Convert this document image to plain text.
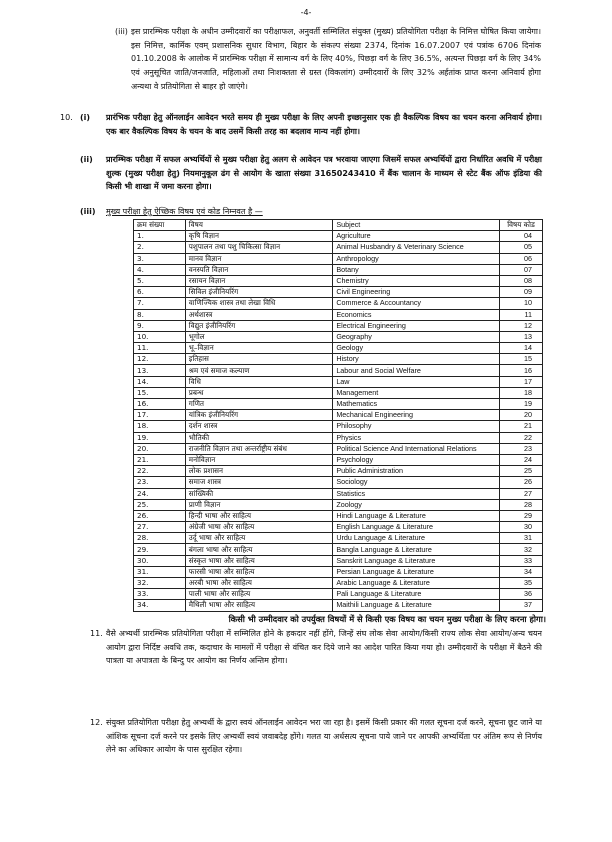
-4-
(iii) इस प्रारम्भिक परीक्षा के अधीन उम्मीदवारों का परीक्षाफल, अनुवर्ती सम्मिलित संयुक्त (मुख्य) प्रतियोगिता परीक्षा के निमित्त घोषित किया जायेगा। इस निमित्त, कार्मिक एवम् प्रशासनिक सुधार विभाग, बिहार के संकल्प संख्या 2374, दिनांक 16.07.2007 एवं पत्रांक 6706 दिनांक 01.10.2008 के आलोक में प्रारम्भिक परीक्षा में सामान्य वर्ग के लिए 40%, पिछड़ा वर्ग के लिए 36.5%, अत्यन्त पिछड़ा वर्ग के लिए 34% एवं अनुसूचित जाति/जनजाति, महिलाओं तथा निःशक्तता से ग्रस्त (विकलांग) उम्मीदवारों के लिए 32% अर्हतांक प्राप्त करना अनिवार्य होगा अन्यथा वे प्रतियोगिता से बाहर हो जाएंगे।
10. (i) प्रारंभिक परीक्षा हेतु ऑनलाईन आवेदन भरते समय ही मुख्य परीक्षा के लिए अपनी इच्छानुसार एक ही वैकल्पिक विषय का चयन करना अनिवार्य होगा। एक बार वैकल्पिक विषय के चयन के बाद उसमें किसी तरह का बदलाव मान्य नहीं होगा।
(ii) प्रारम्भिक परीक्षा में सफल अभ्यर्थियों से मुख्य परीक्षा हेतु अलग से आवेदन पत्र भरवाया जाएगा जिसमें सफल अभ्यर्थियों द्वारा निर्धारित अवधि में परीक्षा शुल्क (मुख्य परीक्षा हेतु) नियमानुकूल ढंग से आयोग के खाता संख्या 31650243410 में बैंक चालान के माध्यम से स्टेट बैंक ऑफ इंडिया की किसी भी शाखा में जमा करना होगा।
(iii) मुख्य परीक्षा हेतु ऐच्छिक विषय एवं कोड निम्नवत है —
क्रम संख्या	विषय	Subject	विषय कोड
1.	कृषि विज्ञान	Agriculture	04
2.	पशुपालन तथा पशु चिकित्सा विज्ञान	Animal Husbandry & Veterinary Science	05
3.	मानव विज्ञान	Anthropology	06
4.	वनस्पति विज्ञान	Botany	07
5.	रसायन विज्ञान	Chemistry	08
6.	सिविल इंजीनियरिंग	Civil Engineering	09
7.	वाणिज्यिक शास्त्र तथा लेखा विधि	Commerce & Accountancy	10
8.	अर्थशास्त्र	Economics	11
9.	विद्युत इंजीनियरिंग	Electrical Engineering	12
10.	भूगोल	Geography	13
11.	भू–विज्ञान	Geology	14
12.	इतिहास	History	15
13.	श्रम एवं समाज कल्याण	Labour and Social Welfare	16
14.	विधि	Law	17
15.	प्रबन्ध	Management	18
16.	गणित	Mathematics	19
17.	यांत्रिक इंजीनियरिंग	Mechanical Engineering	20
18.	दर्शन शास्त्र	Philosophy	21
19.	भौतिकी	Physics	22
20.	राजनीति विज्ञान तथा अन्तर्राष्ट्रीय संबंध	Political Science And International Relations	23
21.	मनोविज्ञान	Psychology	24
22.	लोक प्रशासन	Public Administration	25
23.	समाज शास्त्र	Sociology	26
24.	सांख्यिकी	Statistics	27
25.	प्राणी विज्ञान	Zoology	28
26.	हिन्दी भाषा और साहित्य	Hindi Language & Literature	29
27.	अंग्रेजी भाषा और साहित्य	English Language & Literature	30
28.	उर्दू भाषा और साहित्य	Urdu Language & Literature	31
29.	बंगला भाषा और साहित्य	Bangla Language & Literature	32
30.	संस्कृत भाषा और साहित्य	Sanskrit Language & Literature	33
31.	फारसी भाषा और साहित्य	Persian Language & Literature	34
32.	अरबी भाषा और साहित्य	Arabic Language & Literature	35
33.	पाली भाषा और साहित्य	Pali Language & Literature	36
34.	मैथिली भाषा और साहित्य	Maithili Language & Literature	37
किसी भी उम्मीदवार को उपर्युक्त विषयों में से किसी एक विषय का चयन मुख्य परीक्षा के लिए करना होगा।
11. वैसे अभ्यर्थी प्रारम्भिक प्रतियोगिता परीक्षा में सम्मिलित होने के हकदार नहीं होंगे, जिन्हें संघ लोक सेवा आयोग/किसी राज्य लोक सेवा आयोग/अन्य चयन आयोग द्वारा निर्दिष्ट अवधि तक, कदाचार के मामलों में परीक्षा से वंचित कर दिये जाने का आदेश पारित किया गया हो। उम्मीदवारों के परीक्षा में बैठने की पात्रता या अपात्रता के बिन्दु पर आयोग का निर्णय अन्तिम होगा।
12. संयुक्त प्रतियोगिता परीक्षा हेतु अभ्यर्थी के द्वारा स्वयं ऑनलाईन आवेदन भरा जा रहा है। इसमें किसी प्रकार की गलत सूचना दर्ज करने, सूचना छूट जाने या आंशिक सूचना दर्ज करने पर इसके लिए अभ्यर्थी स्वयं जवाबदेह होंगे। गलत या अर्धसत्य सूचना पाये जाने पर आपकी अभ्यर्थिता पर अंतिम रूप से निर्णय लेने का अधिकार आयोग के पास सुरक्षित रहेगा।
